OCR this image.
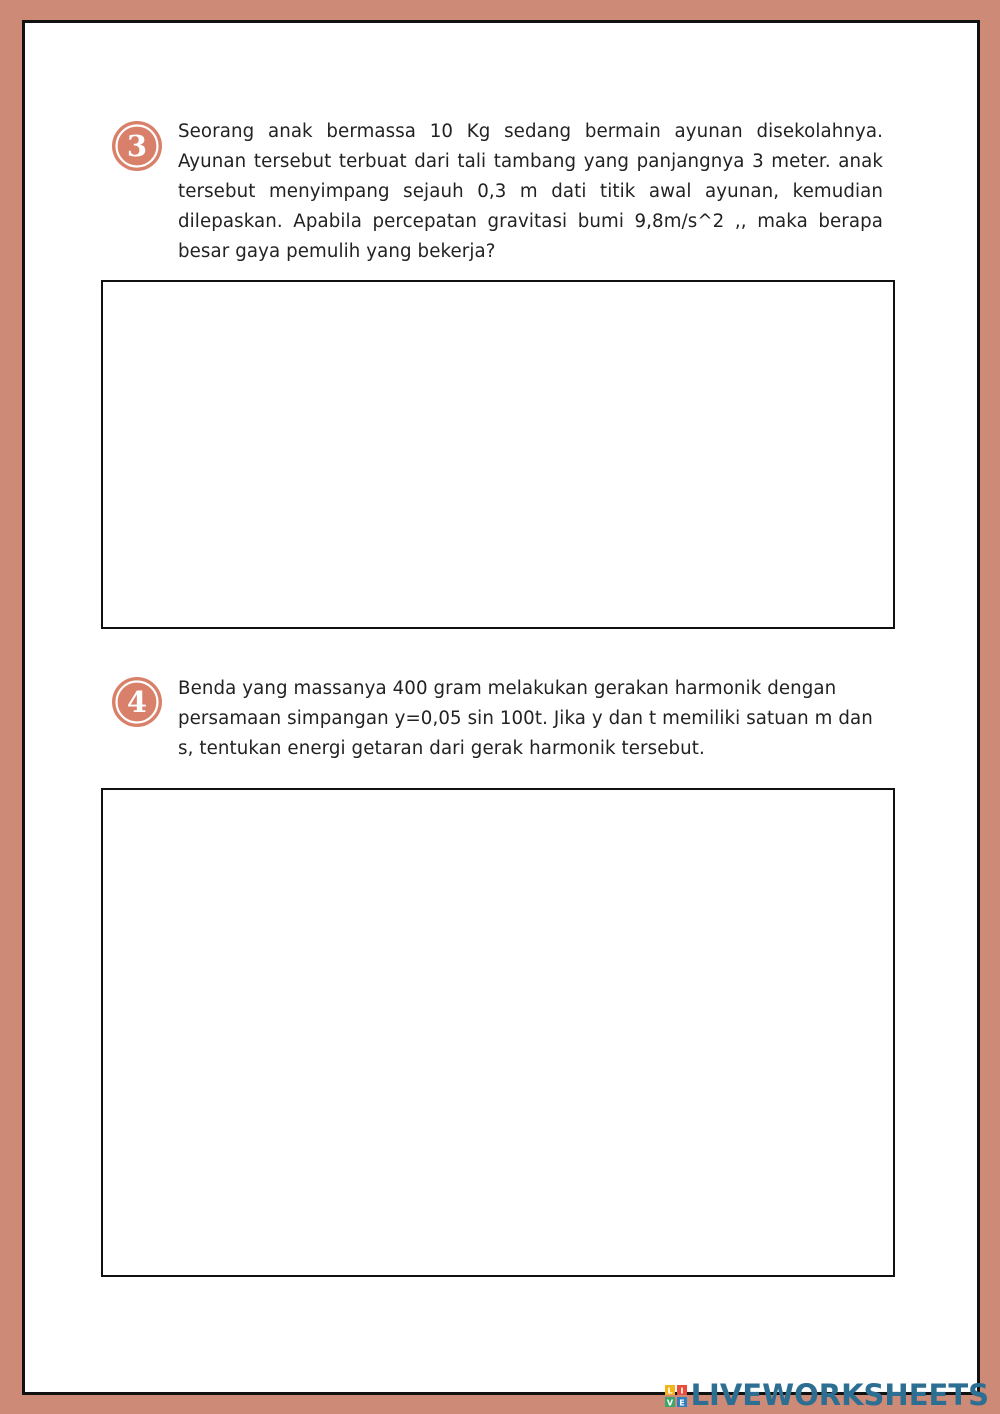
3 Seorang anak bermassa 10 Kg sedang bermain ayunan disekolahnya. Ayunan tersebut terbuat dari tali tambang yang panjangnya 3 meter. anak tersebut menyimpang sejauh 0,3 m dati titik awal ayunan, kemudian dilepaskan. Apabila percepatan gravitasi bumi 9,8m/s^2 ,, maka berapa besar gaya pemulih yang bekerja?
4 Benda yang massanya 400 gram melakukan gerakan harmonik dengan persamaan simpangan y=0,05 sin 100t. Jika y dan t memiliki satuan m dan s, tentukan energi getaran dari gerak harmonik tersebut.
L I
V E LIVEWORKSHEETS
